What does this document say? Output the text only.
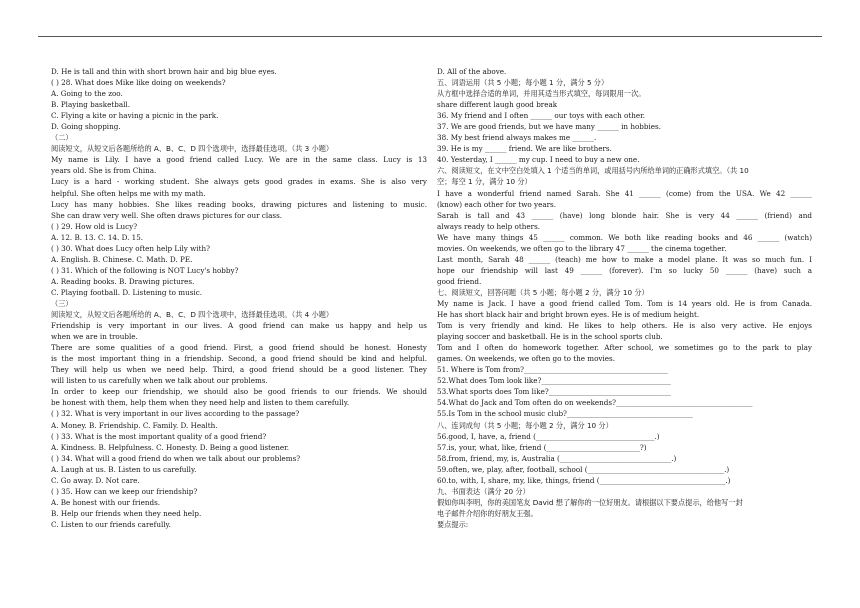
D. He is tall and thin with short brown hair and big blue eyes.
( ) 28. What does Mike like doing on weekends?
A. Going to the zoo.
B. Playing basketball.
C. Flying a kite or having a picnic in the park.
D. Going shopping.
（二）
阅读短文，从短文后各题所给的 A、B、C、D 四个选项中，选择最佳选项。（共 3 小题）
My name is Lily. I have a good friend called Lucy. We are in the same class. Lucy is 13
years old. She is from China.
Lucy is a hard - working student. She always gets good grades in exams. She is also very
helpful. She often helps me with my math.
Lucy has many hobbies. She likes reading books, drawing pictures and listening to music.
She can draw very well. She often draws pictures for our class.
( ) 29. How old is Lucy?
A. 12. B. 13. C. 14. D. 15.
( ) 30. What does Lucy often help Lily with?
A. English. B. Chinese. C. Math. D. PE.
( ) 31. Which of the following is NOT Lucy's hobby?
A. Reading books. B. Drawing pictures.
C. Playing football. D. Listening to music.
（三）
阅读短文，从短文后各题所给的 A、B、C、D 四个选项中，选择最佳选项。（共 4 小题）
Friendship is very important in our lives. A good friend can make us happy and help us
when we are in trouble.
There are some qualities of a good friend. First, a good friend should be honest. Honesty
is the most important thing in a friendship. Second, a good friend should be kind and helpful.
They will help us when we need help. Third, a good friend should be a good listener. They
will listen to us carefully when we talk about our problems.
In order to keep our friendship, we should also be good friends to our friends. We should
be honest with them, help them when they need help and listen to them carefully.
( ) 32. What is very important in our lives according to the passage?
A. Money. B. Friendship. C. Family. D. Health.
( ) 33. What is the most important quality of a good friend?
A. Kindness. B. Helpfulness. C. Honesty. D. Being a good listener.
( ) 34. What will a good friend do when we talk about our problems?
A. Laugh at us. B. Listen to us carefully.
C. Go away. D. Not care.
( ) 35. How can we keep our friendship?
A. Be honest with our friends.
B. Help our friends when they need help.
C. Listen to our friends carefully.
D. All of the above.
五、词语运用（共 5 小题；每小题 1 分，满分 5 分）
从方框中选择合适的单词，并用其适当形式填空，每词限用一次。
share different laugh good break
36. My friend and I often ______ our toys with each other.
37. We are good friends, but we have many ______ in hobbies.
38. My best friend always makes me ______.
39. He is my ______ friend. We are like brothers.
40. Yesterday, I ______ my cup. I need to buy a new one.
六、阅读短文，在文中空白处填入 1 个适当的单词，或用括号内所给单词的正确形式填空。（共 10
空；每空 1 分，满分 10 分）
I have a wonderful friend named Sarah. She 41 ______ (come) from the USA. We 42 ______
(know) each other for two years.
Sarah is tall and 43 ______ (have) long blonde hair. She is very 44 ______ (friend) and
always ready to help others.
We have many things 45 ______ common. We both like reading books and 46 ______ (watch)
movies. On weekends, we often go to the library 47 ______ the cinema together.
Last month, Sarah 48 ______ (teach) me how to make a model plane. It was so much fun. I
hope our friendship will last 49 ______ (forever). I'm so lucky 50 ______ (have) such a
good friend.
七、阅读短文，回答问题（共 5 小题；每小题 2 分，满分 10 分）
My name is Jack. I have a good friend called Tom. Tom is 14 years old. He is from Canada.
He has short black hair and bright brown eyes. He is of medium height.
Tom is very friendly and kind. He likes to help others. He is also very active. He enjoys
playing soccer and basketball. He is in the school sports club.
Tom and I often do homework together. After school, we sometimes go to the park to play
games. On weekends, we often go to the movies.
51. Where is Tom from?________________________________________
52.What does Tom look like?____________________________________
53.What sports does Tom like?__________________________________
54.What do Jack and Tom often do on weekends?______________________________________
55.Is Tom in the school music club?___________________________________
八、连词成句（共 5 小题；每小题 2 分，满分 10 分）
56.good, I, have, a, friend (_________________________________.)
57.is, your, what, like, friend (__________________________?)
58.from, friend, my, is, Australia (_______________________________.)
59.often, we, play, after, football, school (______________________________________.)
60.to, with, I, share, my, like, things, friend (___________________________________.)
九、书面表达（满分 20 分）
假如你叫李明，你的美国笔友 David 想了解你的一位好朋友。请根据以下要点提示，给他写一封
电子邮件介绍你的好朋友王强。
要点提示:
